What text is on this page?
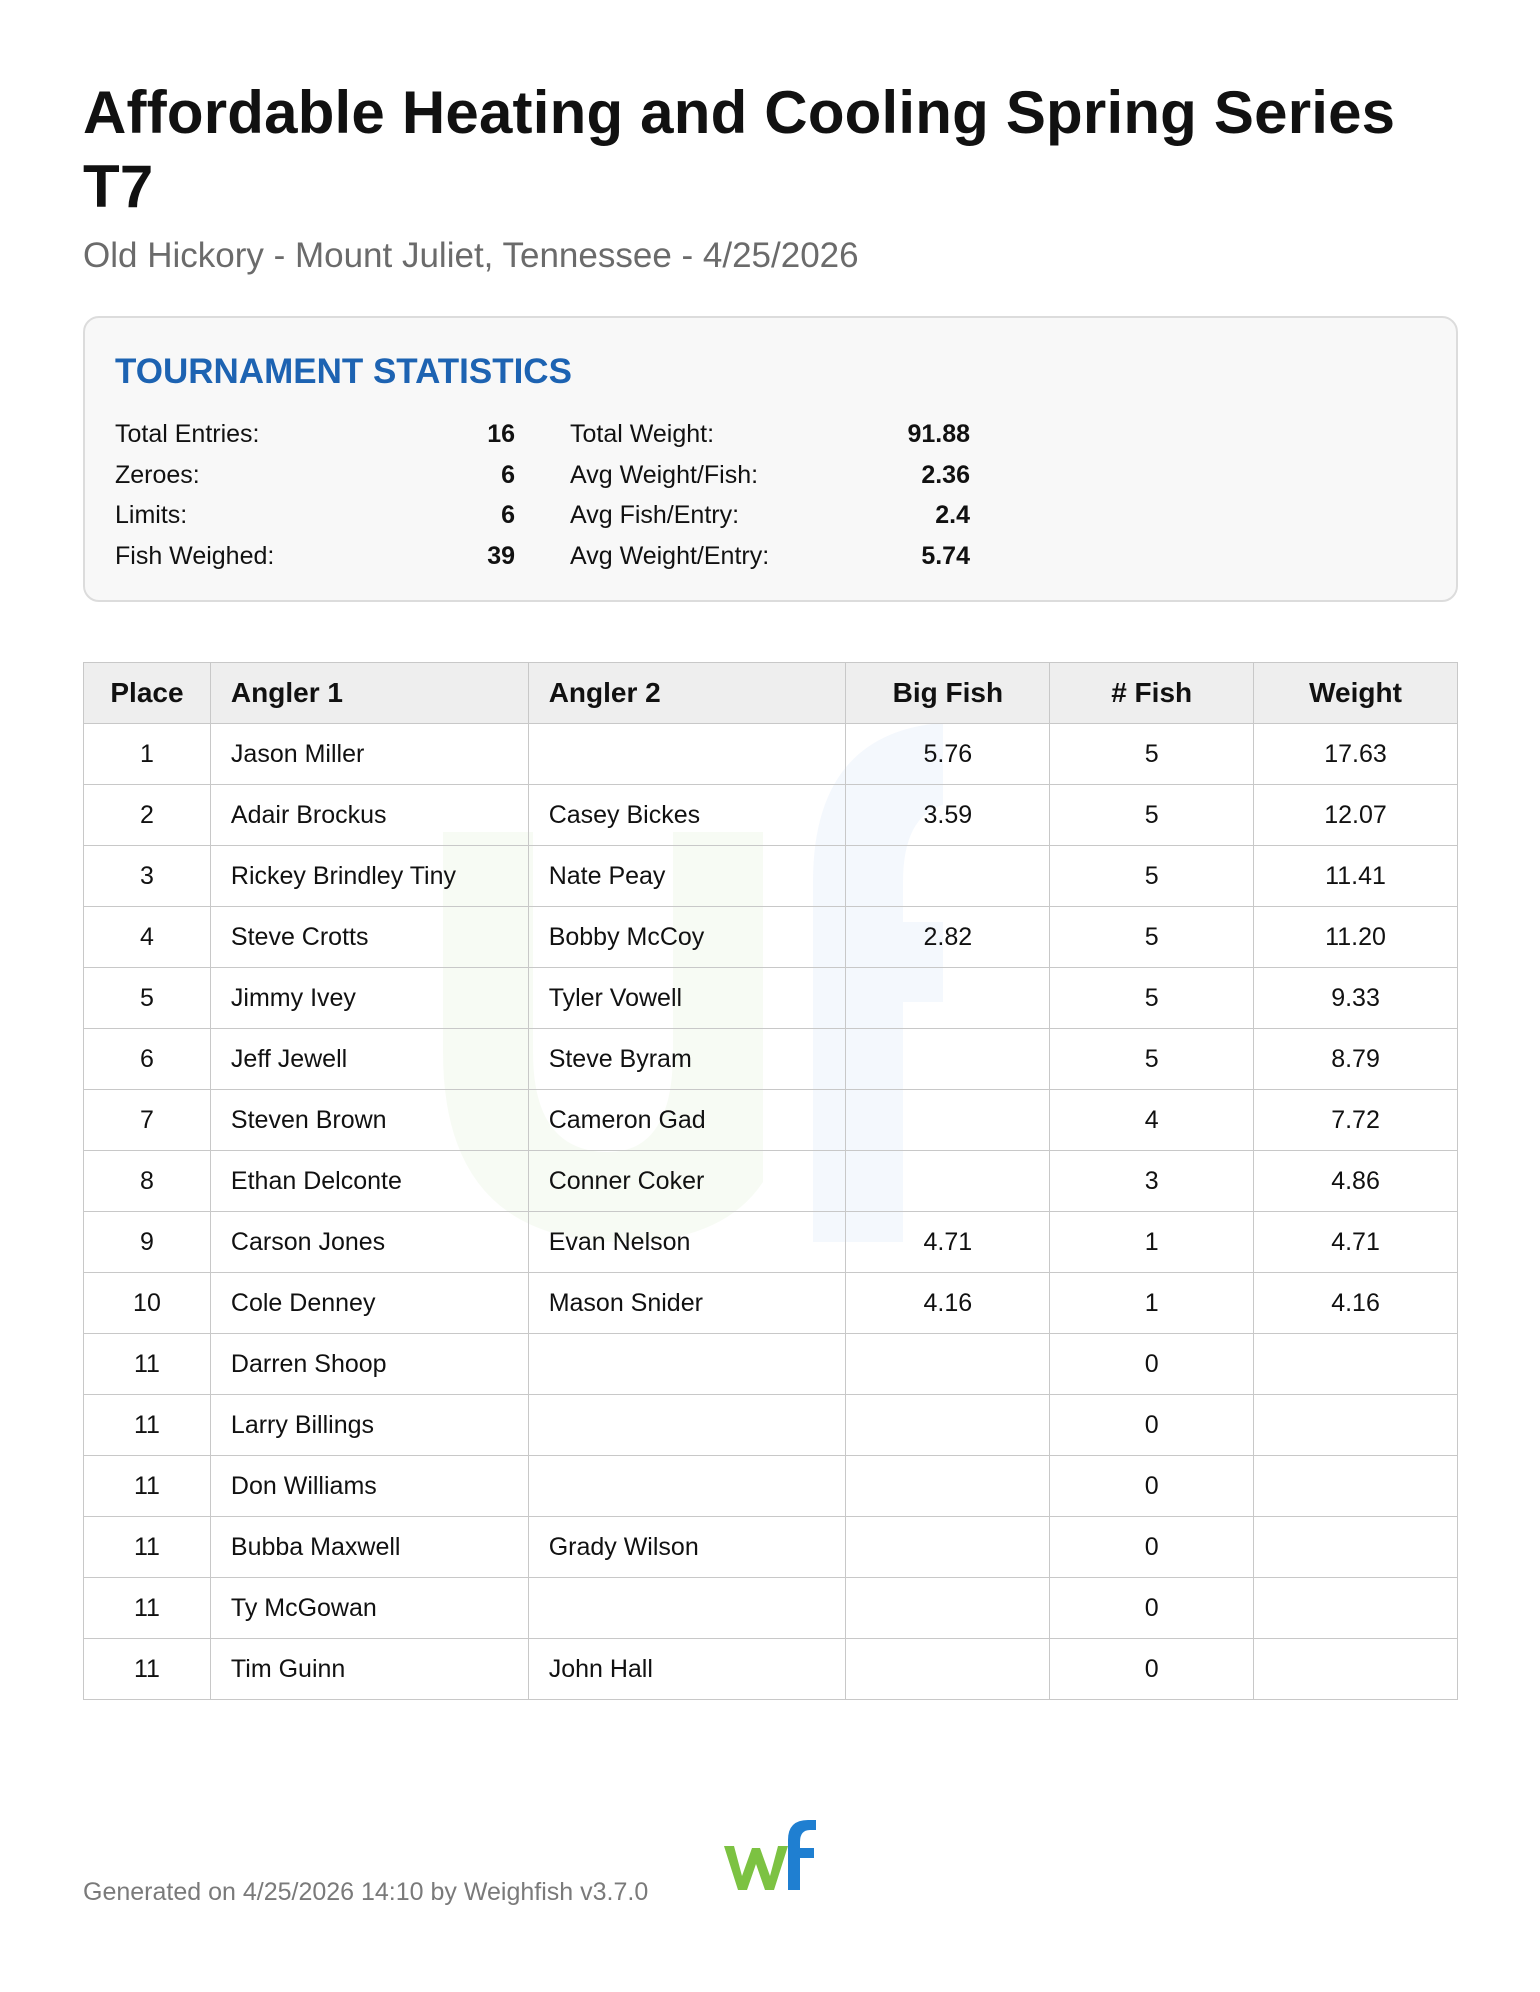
Affordable Heating and Cooling Spring Series T7
Old Hickory - Mount Juliet, Tennessee - 4/25/2026
TOURNAMENT STATISTICS
Total Entries:	16
Zeroes:	6
Limits:	6
Fish Weighed:	39
Total Weight:	91.88
Avg Weight/Fish:	2.36
Avg Fish/Entry:	2.4
Avg Weight/Entry:	5.74
Place	Angler 1	Angler 2	Big Fish	# Fish	Weight
1	Jason Miller		5.76	5	17.63
2	Adair Brockus	Casey Bickes	3.59	5	12.07
3	Rickey Brindley Tiny	Nate Peay		5	11.41
4	Steve Crotts	Bobby McCoy	2.82	5	11.20
5	Jimmy Ivey	Tyler Vowell		5	9.33
6	Jeff Jewell	Steve Byram		5	8.79
7	Steven Brown	Cameron Gad		4	7.72
8	Ethan Delconte	Conner Coker		3	4.86
9	Carson Jones	Evan Nelson	4.71	1	4.71
10	Cole Denney	Mason Snider	4.16	1	4.16
11	Darren Shoop			0	
11	Larry Billings			0	
11	Don Williams			0	
11	Bubba Maxwell	Grady Wilson		0	
11	Ty McGowan			0	
11	Tim Guinn	John Hall		0	
Generated on 4/25/2026 14:10 by Weighfish v3.7.0
